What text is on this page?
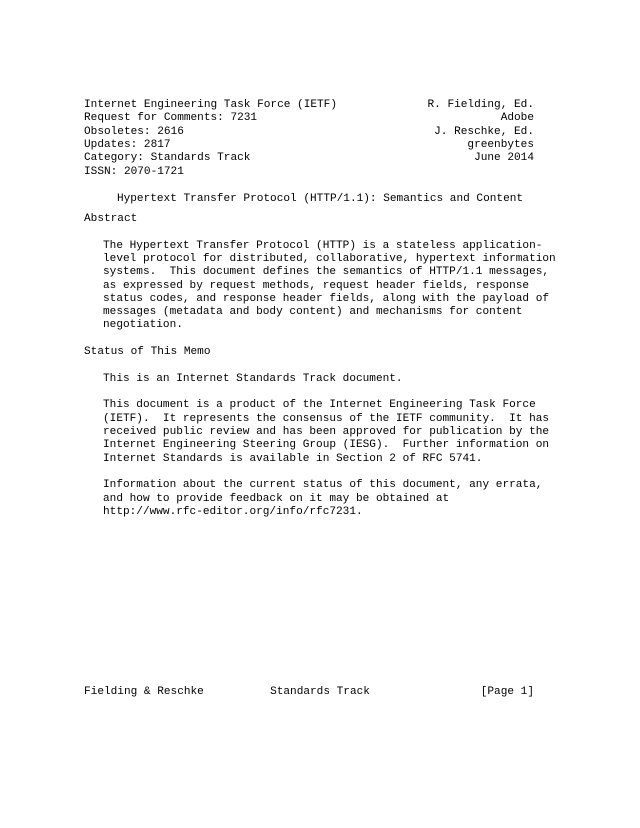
Internet Engineering Task Force (IETF)
Request for Comments: 7231
Obsoletes: 2616
Updates: 2817
Category: Standards Track
ISSN: 2070-1721
R. Fielding, Ed.
Adobe
J. Reschke, Ed.
greenbytes
June 2014
Hypertext Transfer Protocol (HTTP/1.1): Semantics and Content
Abstract
The Hypertext Transfer Protocol (HTTP) is a stateless application-
level protocol for distributed, collaborative, hypertext information
systems.  This document defines the semantics of HTTP/1.1 messages,
as expressed by request methods, request header fields, response
status codes, and response header fields, along with the payload of
messages (metadata and body content) and mechanisms for content
negotiation.
Status of This Memo
This is an Internet Standards Track document.
This document is a product of the Internet Engineering Task Force
(IETF).  It represents the consensus of the IETF community.  It has
received public review and has been approved for publication by the
Internet Engineering Steering Group (IESG).  Further information on
Internet Standards is available in Section 2 of RFC 5741.
Information about the current status of this document, any errata,
and how to provide feedback on it may be obtained at
http://www.rfc-editor.org/info/rfc7231.
Fielding & Reschke	Standards Track	[Page 1]
